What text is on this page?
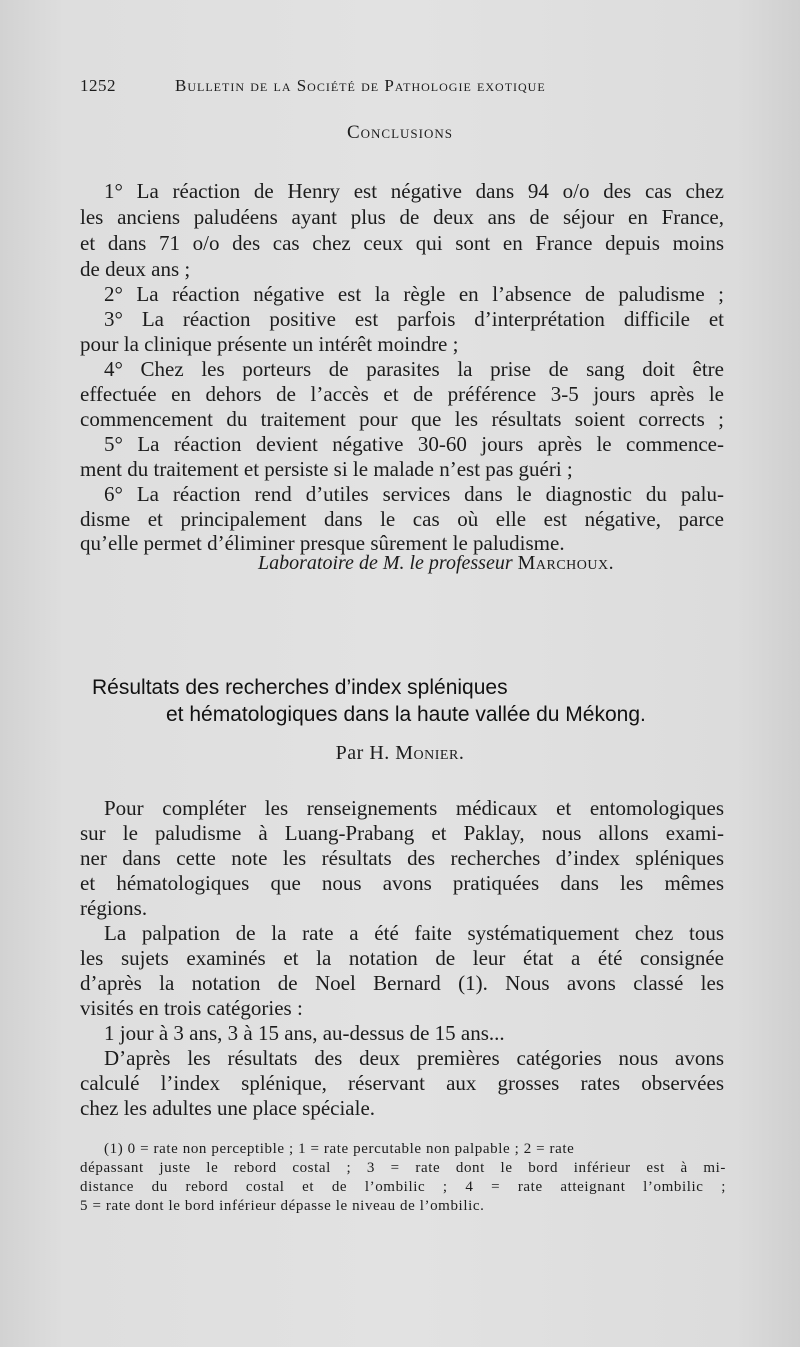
1252	Bulletin de la Société de Pathologie exotique
Conclusions
1° La réaction de Henry est négative dans 94 o/o des cas chez
les anciens paludéens ayant plus de deux ans de séjour en France,
et dans 71 o/o des cas chez ceux qui sont en France depuis moins
de deux ans ;
2° La réaction négative est la règle en l’absence de paludisme ;
3° La réaction positive est parfois d’interprétation difficile et
pour la clinique présente un intérêt moindre ;
4° Chez les porteurs de parasites la prise de sang doit être
effectuée en dehors de l’accès et de préférence 3-5 jours après le
commencement du traitement pour que les résultats soient corrects ;
5° La réaction devient négative 30-60 jours après le commence-
ment du traitement et persiste si le malade n’est pas guéri ;
6° La réaction rend d’utiles services dans le diagnostic du palu-
disme et principalement dans le cas où elle est négative, parce
qu’elle permet d’éliminer presque sûrement le paludisme.
Laboratoire de M. le professeur Marchoux.
Résultats des recherches d’index spléniques
et hématologiques dans la haute vallée du Mékong.
Par H. Monier.
Pour compléter les renseignements médicaux et entomologiques
sur le paludisme à Luang-Prabang et Paklay, nous allons exami-
ner dans cette note les résultats des recherches d’index spléniques
et hématologiques que nous avons pratiquées dans les mêmes
régions.
La palpation de la rate a été faite systématiquement chez tous
les sujets examinés et la notation de leur état a été consignée
d’après la notation de Noel Bernard (1). Nous avons classé les
visités en trois catégories :
1 jour à 3 ans, 3 à 15 ans, au-dessus de 15 ans...
D’après les résultats des deux premières catégories nous avons
calculé l’index splénique, réservant aux grosses rates observées
chez les adultes une place spéciale.
(1) 0 = rate non perceptible ; 1 = rate percutable non palpable ; 2 = rate
dépassant juste le rebord costal ; 3 = rate dont le bord inférieur est à mi-
distance du rebord costal et de l’ombilic ; 4 = rate atteignant l’ombilic ;
5 = rate dont le bord inférieur dépasse le niveau de l’ombilic.
